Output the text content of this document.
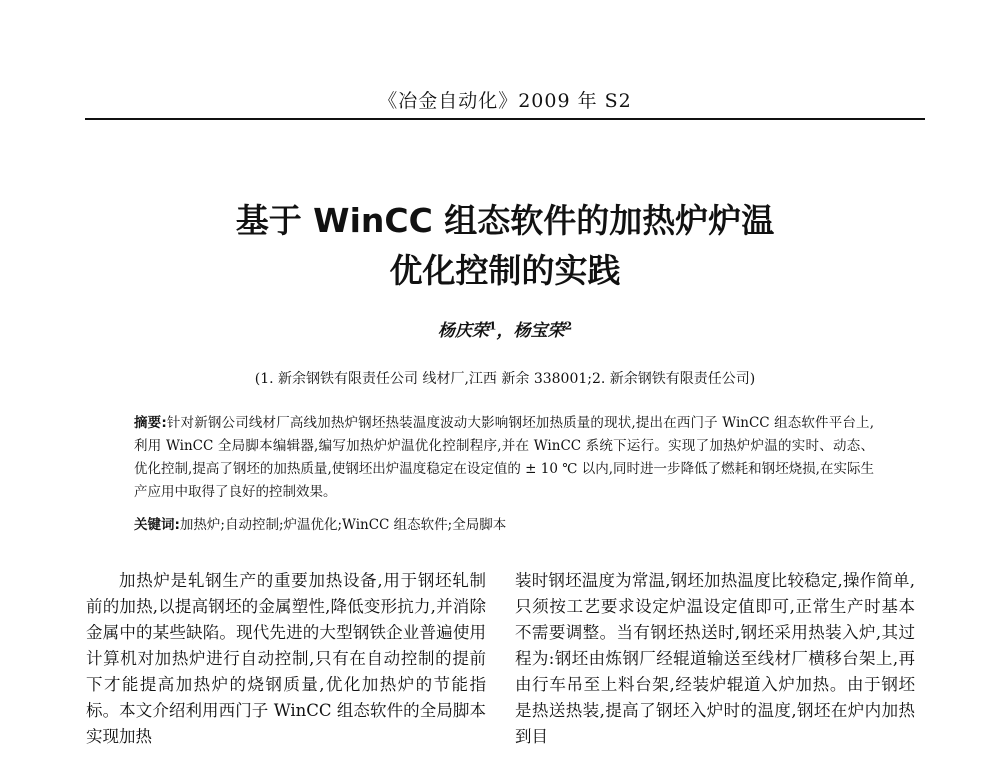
《冶金自动化》2009 年 S2
基于 WinCC 组态软件的加热炉炉温
优化控制的实践
杨庆荣$^1$，杨宝荣$^2$
(1. 新余钢铁有限责任公司 线材厂,江西 新余 338001;2. 新余钢铁有限责任公司)
摘要:针对新钢公司线材厂高线加热炉钢坯热装温度波动大影响钢坯加热质量的现状,提出在西门子 WinCC 组态软件平台上,利用 WinCC 全局脚本编辑器,编写加热炉炉温优化控制程序,并在 WinCC 系统下运行。实现了加热炉炉温的实时、动态、优化控制,提高了钢坯的加热质量,使钢坯出炉温度稳定在设定值的 ± 10 ℃ 以内,同时进一步降低了燃耗和钢坯烧损,在实际生产应用中取得了良好的控制效果。
关键词:加热炉;自动控制;炉温优化;WinCC 组态软件;全局脚本

加热炉是轧钢生产的重要加热设备,用于钢坯轧制前的加热,以提高钢坯的金属塑性,降低变形抗力,并消除金属中的某些缺陷。现代先进的大型钢铁企业普遍使用计算机对加热炉进行自动控制,只有在自动控制的提前下才能提高加热炉的烧钢质量,优化加热炉的节能指标。本文介绍利用西门子 WinCC 组态软件的全局脚本实现加热

装时钢坯温度为常温,钢坯加热温度比较稳定,操作简单,只须按工艺要求设定炉温设定值即可,正常生产时基本不需要调整。当有钢坯热送时,钢坯采用热装入炉,其过程为:钢坯由炼钢厂经辊道输送至线材厂横移台架上,再由行车吊至上料台架,经装炉辊道入炉加热。由于钢坯是热送热装,提高了钢坯入炉时的温度,钢坯在炉内加热到目
